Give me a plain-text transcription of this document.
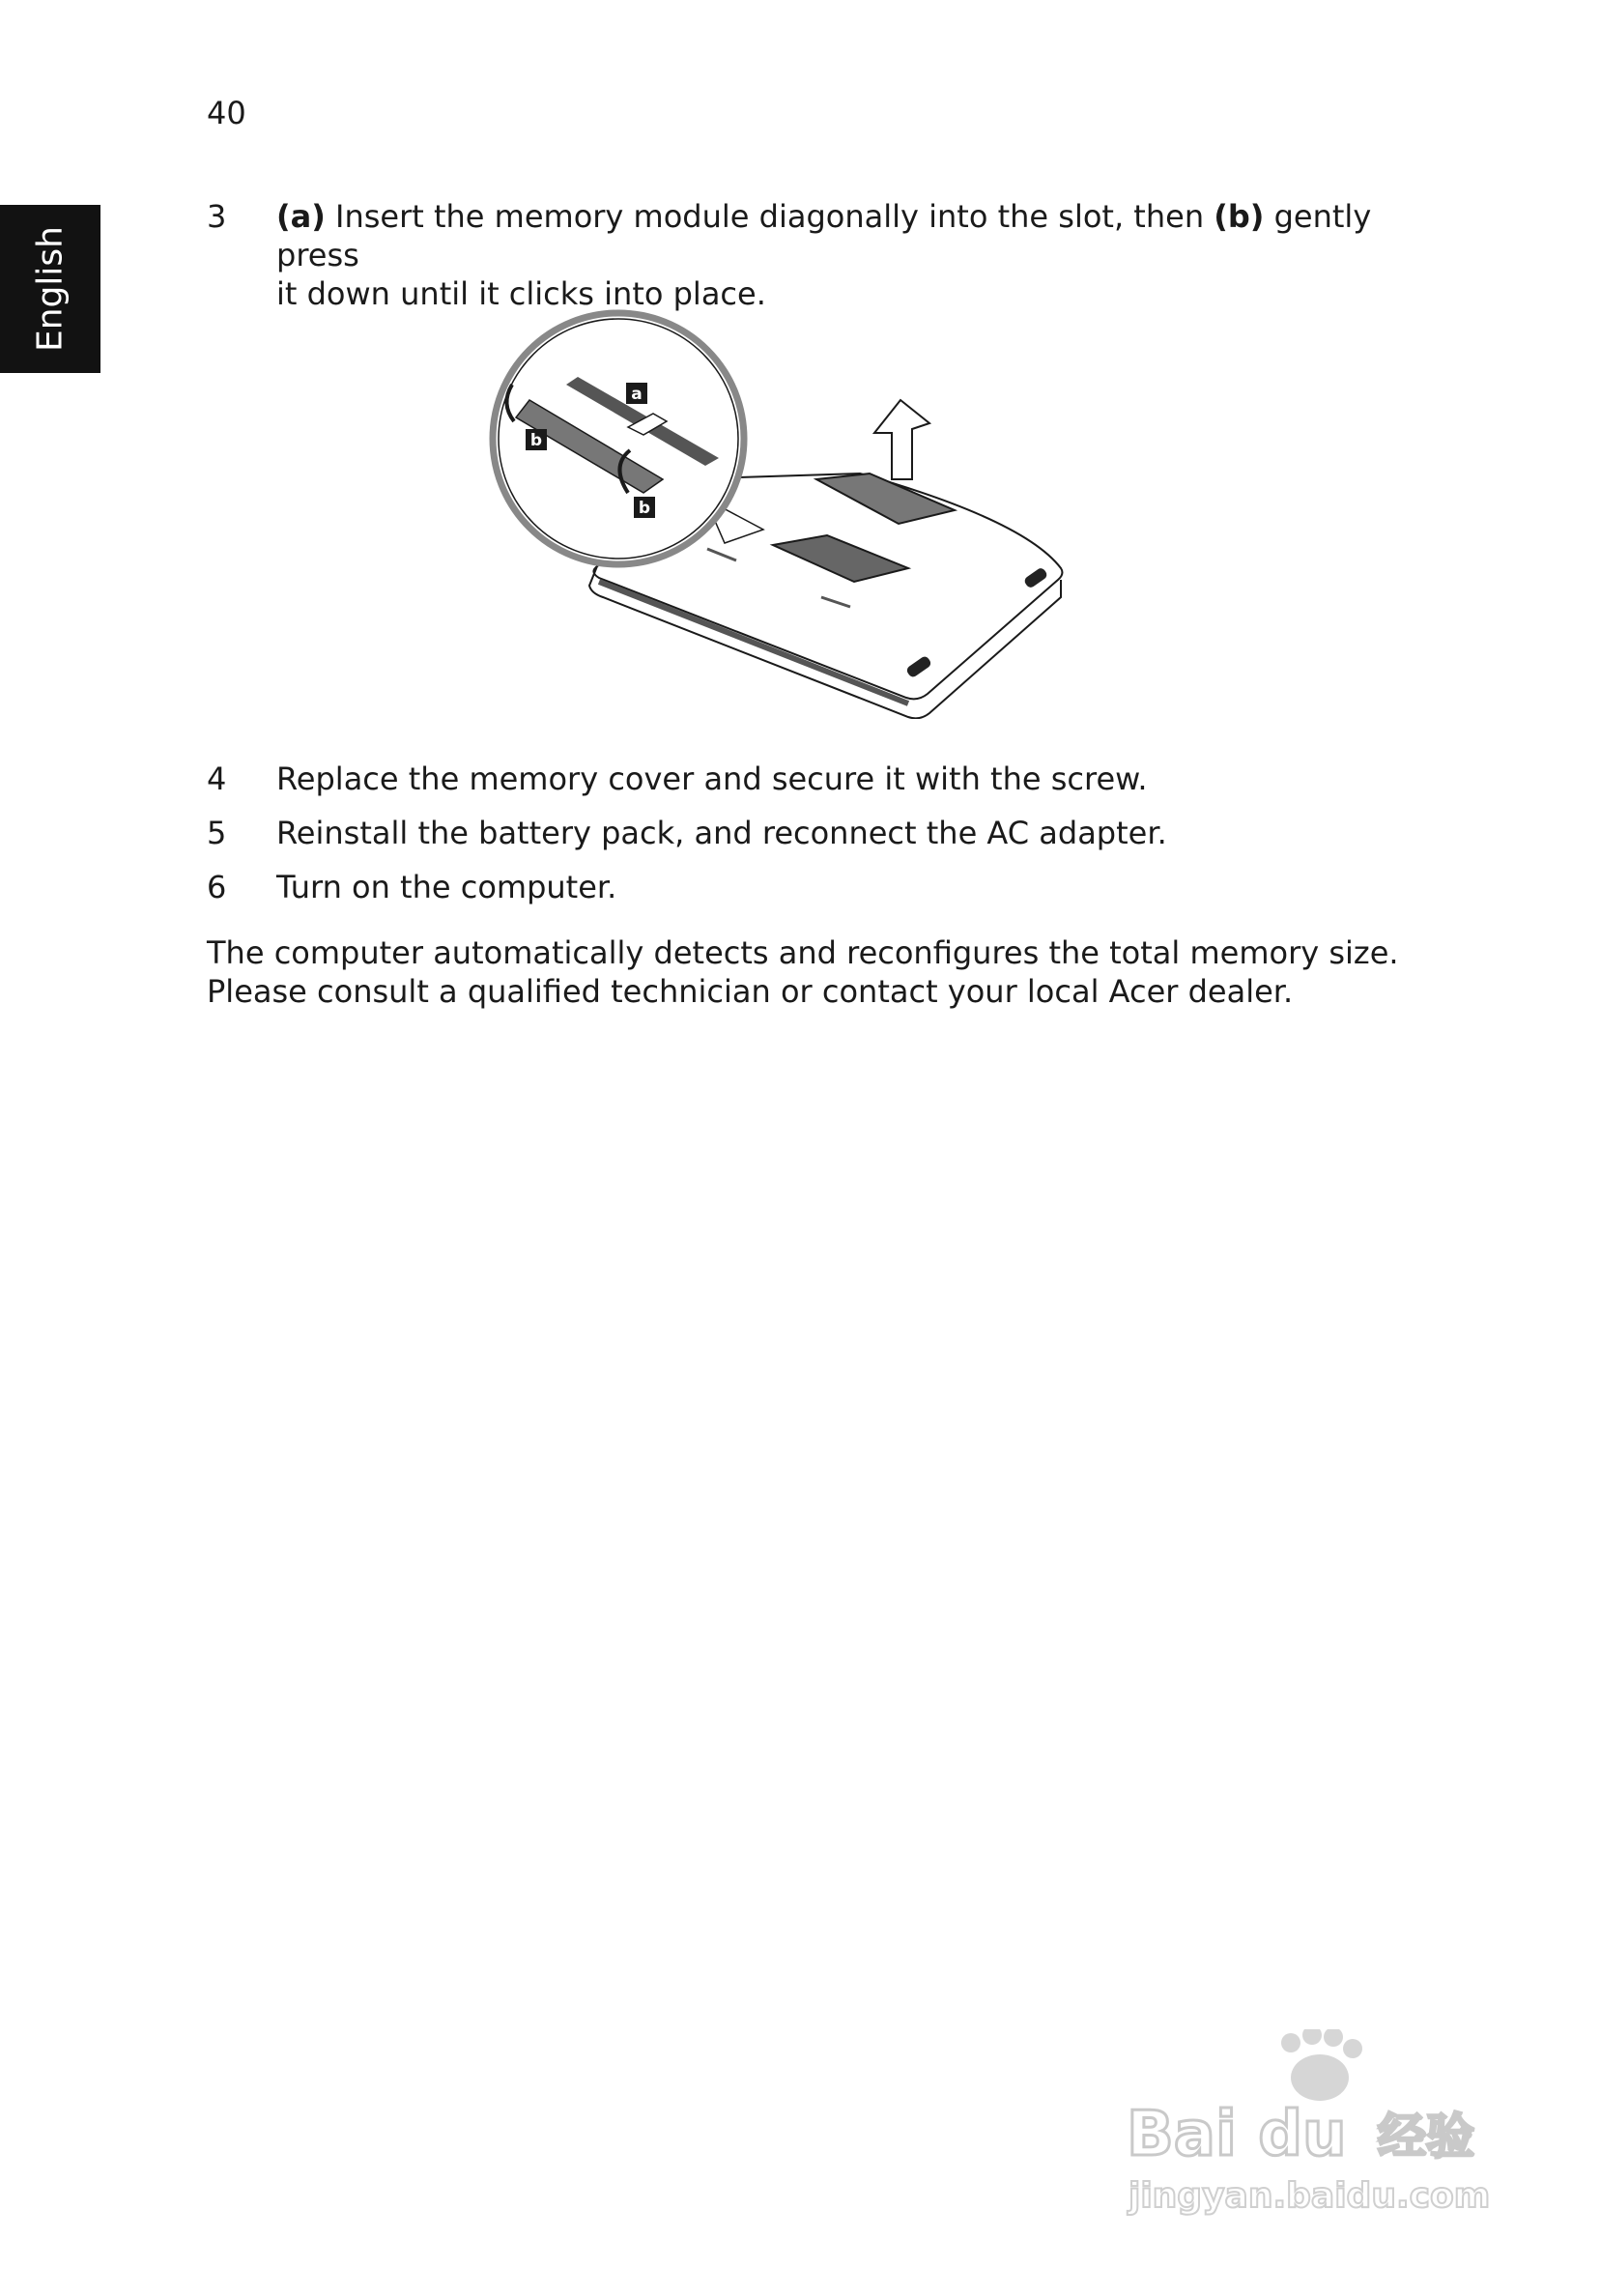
40
English
3 (a) Insert the memory module diagonally into the slot, then (b) gently press
it down until it clicks into place.
a
b
b
4 Replace the memory cover and secure it with the screw.
5 Reinstall the battery pack, and reconnect the AC adapter.
6 Turn on the computer.
The computer automatically detects and reconfigures the total memory size.
Please consult a qualified technician or contact your local Acer dealer.
Bai du 经验
jingyan.baidu.com
